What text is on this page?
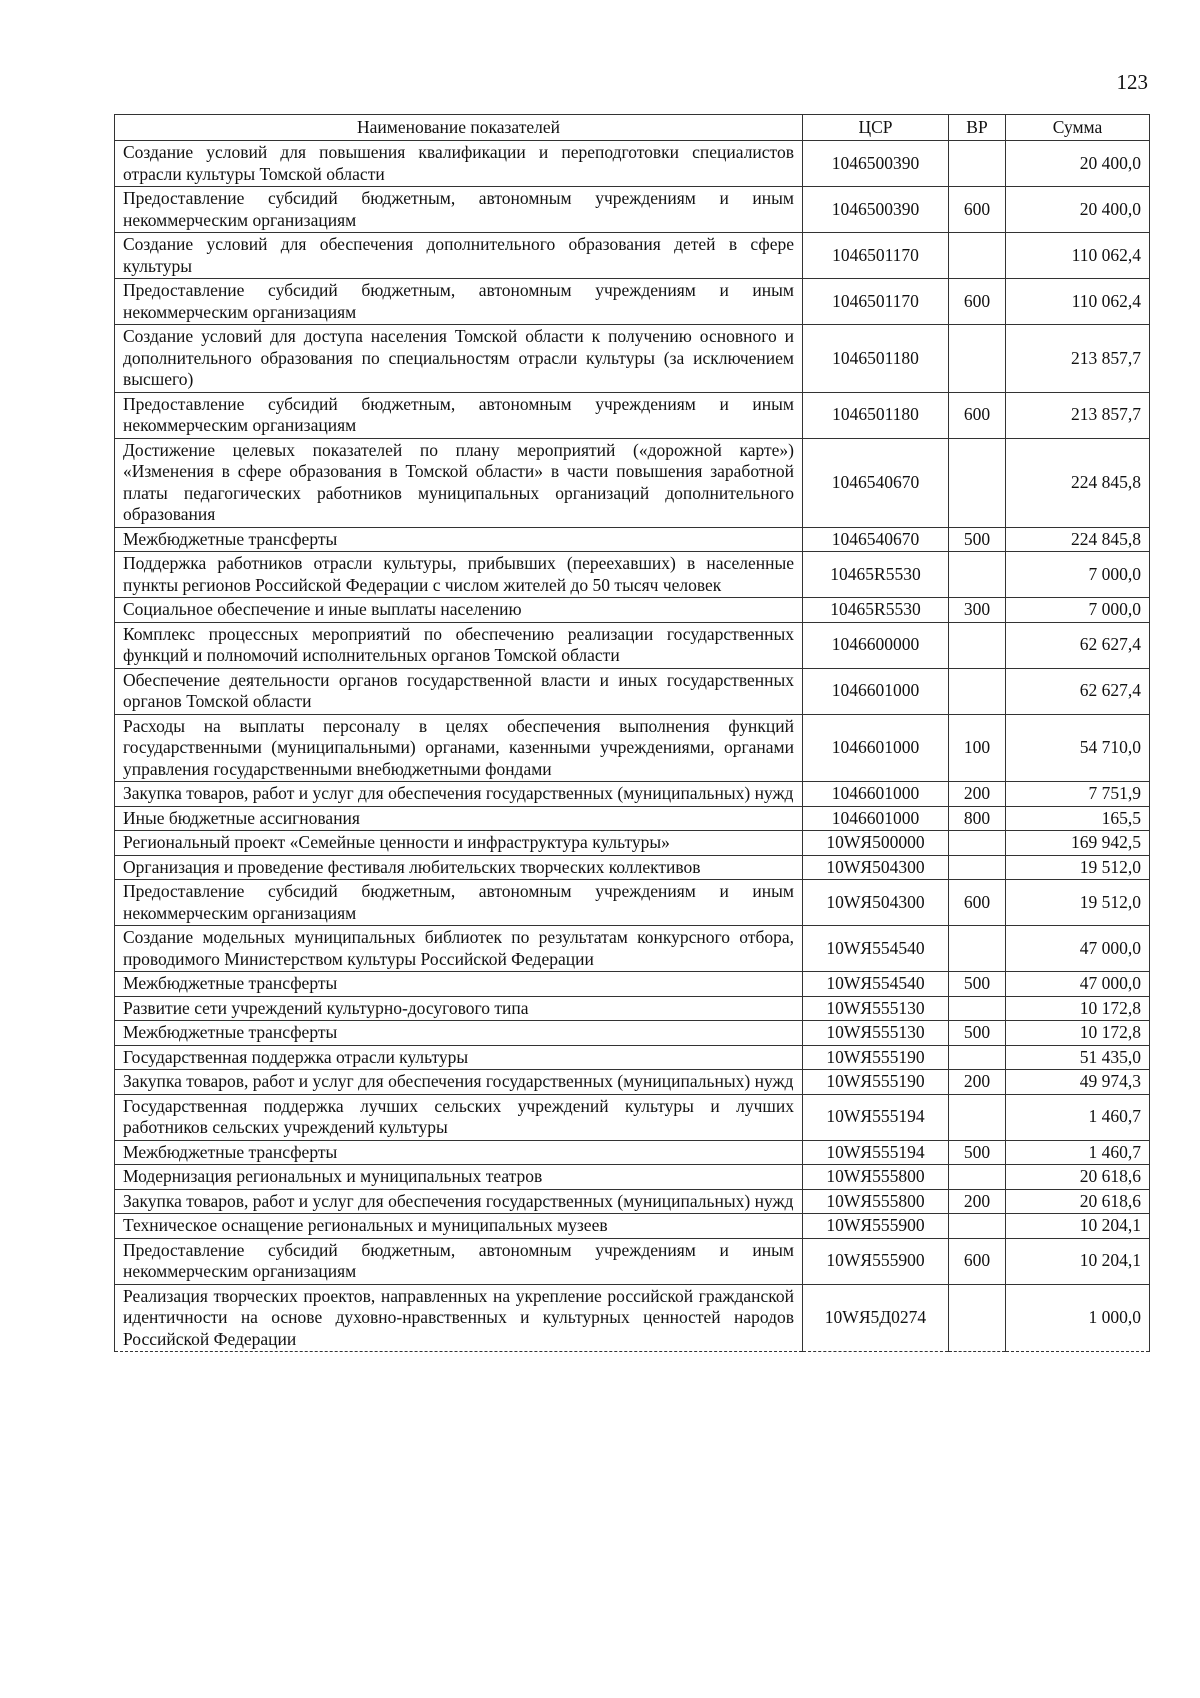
123
Наименование показателей	ЦСР	ВР	Сумма
Создание условий для повышения квалификации и переподготовки специалистов отрасли культуры Томской области	1046500390		20 400,0
Предоставление субсидий бюджетным, автономным учреждениям и иным некоммерческим организациям	1046500390	600	20 400,0
Создание условий для обеспечения дополнительного образования детей в сфере культуры	1046501170		110 062,4
Предоставление субсидий бюджетным, автономным учреждениям и иным некоммерческим организациям	1046501170	600	110 062,4
Создание условий для доступа населения Томской области к получению основного и дополнительного образования по специальностям отрасли культуры (за исключением высшего)	1046501180		213 857,7
Предоставление субсидий бюджетным, автономным учреждениям и иным некоммерческим организациям	1046501180	600	213 857,7
Достижение целевых показателей по плану мероприятий («дорожной карте») «Изменения в сфере образования в Томской области» в части повышения заработной платы педагогических работников муниципальных организаций дополнительного образования	1046540670		224 845,8
Межбюджетные трансферты	1046540670	500	224 845,8
Поддержка работников отрасли культуры, прибывших (переехавших) в населенные пункты регионов Российской Федерации с числом жителей до 50 тысяч человек	10465R5530		7 000,0
Социальное обеспечение и иные выплаты населению	10465R5530	300	7 000,0
Комплекс процессных мероприятий по обеспечению реализации государственных функций и полномочий исполнительных органов Томской области	1046600000		62 627,4
Обеспечение деятельности органов государственной власти и иных государственных органов Томской области	1046601000		62 627,4
Расходы на выплаты персоналу в целях обеспечения выполнения функций государственными (муниципальными) органами, казенными учреждениями, органами управления государственными внебюджетными фондами	1046601000	100	54 710,0
Закупка товаров, работ и услуг для обеспечения государственных (муниципальных) нужд	1046601000	200	7 751,9
Иные бюджетные ассигнования	1046601000	800	165,5
Региональный проект «Семейные ценности и инфраструктура культуры»	10WЯ500000		169 942,5
Организация и проведение фестиваля любительских творческих коллективов	10WЯ504300		19 512,0
Предоставление субсидий бюджетным, автономным учреждениям и иным некоммерческим организациям	10WЯ504300	600	19 512,0
Создание модельных муниципальных библиотек по результатам конкурсного отбора, проводимого Министерством культуры Российской Федерации	10WЯ554540		47 000,0
Межбюджетные трансферты	10WЯ554540	500	47 000,0
Развитие сети учреждений культурно-досугового типа	10WЯ555130		10 172,8
Межбюджетные трансферты	10WЯ555130	500	10 172,8
Государственная поддержка отрасли культуры	10WЯ555190		51 435,0
Закупка товаров, работ и услуг для обеспечения государственных (муниципальных) нужд	10WЯ555190	200	49 974,3
Государственная поддержка лучших сельских учреждений культуры и лучших работников сельских учреждений культуры	10WЯ555194		1 460,7
Межбюджетные трансферты	10WЯ555194	500	1 460,7
Модернизация региональных и муниципальных театров	10WЯ555800		20 618,6
Закупка товаров, работ и услуг для обеспечения государственных (муниципальных) нужд	10WЯ555800	200	20 618,6
Техническое оснащение региональных и муниципальных музеев	10WЯ555900		10 204,1
Предоставление субсидий бюджетным, автономным учреждениям и иным некоммерческим организациям	10WЯ555900	600	10 204,1
Реализация творческих проектов, направленных на укрепление российской гражданской идентичности на основе духовно-нравственных и культурных ценностей народов Российской Федерации	10WЯ5Д0274		1 000,0
